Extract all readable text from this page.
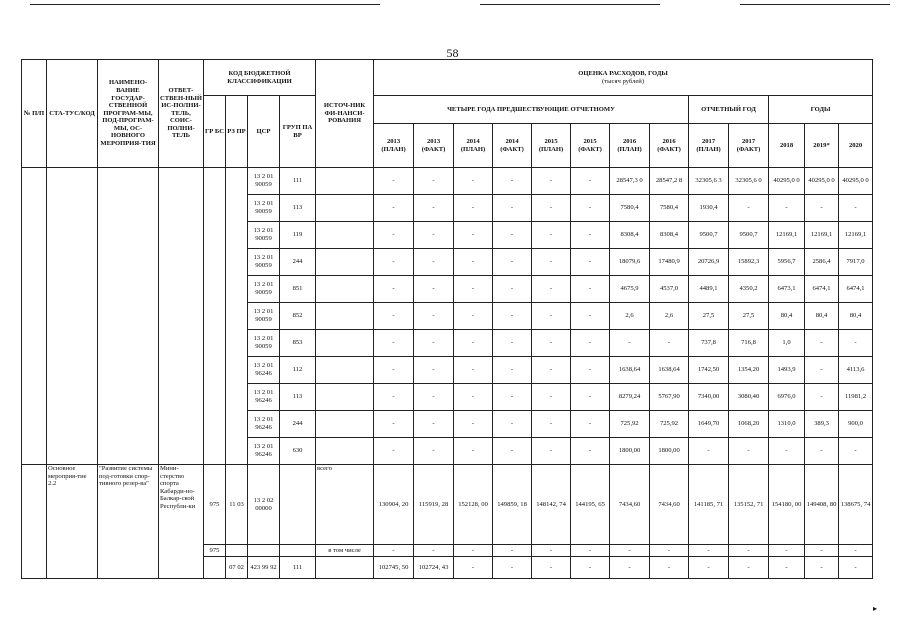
58
№ П/П	СТА-ТУС/КОД	НАИМЕНО-ВАНИЕ ГОСУДАР-СТВЕННОЙ ПРОГРАМ-МЫ, ПОД-ПРОГРАМ-МЫ, ОС-НОВНОГО МЕРОПРИЯ-ТИЯ	ОТВЕТ-СТВЕН-НЫЙ ИС-ПОЛНИ-ТЕЛЬ, СОИС-ПОЛНИ-ТЕЛЬ	КОД БЮДЖЕТНОЙ КЛАССИФИКАЦИИ				ИСТОЧ-НИК ФИ-НАНСИ-РОВАНИЯ	ОЦЕНКА РАСХОДОВ, ГОДЫ
(тысяч рублей)												
				ГР БС	РЗ ПР	ЦСР	ГРУП ПА ВР		ЧЕТЫРЕ ГОДА ПРЕДШЕСТВУЮЩИЕ ОТЧЕТНОМУ								ОТЧЕТНЫЙ ГОД		ГОДЫ		
									2013 (ПЛАН)	2013 (ФАКТ)	2014 (ПЛАН)	2014 (ФАКТ)	2015 (ПЛАН)	2015 (ФАКТ)	2016 (ПЛАН)	2016 (ФАКТ)	2017 (ПЛАН)	2017 (ФАКТ)	2018	2019*	2020
						13 2 01 90059	111		-	-	-	-	-	-	28547,3 0	28547,2 8	32305,6 3	32305,6 0	40295,0 0	40295,0 0	40295,0 0
						13 2 01 90059	113		-	-	-	-	-	-	7580,4	7580,4	1930,4	-	-	-	-
						13 2 01 90059	119		-	-	-	-	-	-	8308,4	8308,4	9500,7	9500,7	12169,1	12169,1	12169,1
						13 2 01 90059	244		-	-	-	-	-	-	18079,6	17480,9	20726,9	15892,3	5956,7	2586,4	7917,0
						13 2 01 90059	851		-	-	-	-	-	-	4675,9	4537,0	4489,1	4350,2	6473,1	6474,1	6474,1
						13 2 01 90059	852		-	-	-	-	-	-	2,6	2,6	27,5	27,5	80,4	80,4	80,4
						13 2 01 90059	853		-	-	-	-	-	-	-	-	737,8	716,8	1,0	-	-
						13 2 01 96246	112		-	-	-	-	-	-	1638,64	1638,64	1742,50	1354,20	1493,9	-	4113,6
						13 2 01 96246	113		-	-	-	-	-	-	8279,24	5767,90	7340,00	3080,40	6976,0	-	11981,2
						13 2 01 96246	244		-	-	-	-	-	-	725,92	725,92	1649,70	1068,20	1310,0	389,3	900,0
						13 2 01 96246	630		-	-	-	-	-	-	1800,00	1800,00	-	-	-	-	-
	Основное мероприя-тие 2.2	"Развитие системы под-готовки спор-тивного резер-ва"	Мини-стерство спорта Кабарди-но-Балкар-ской Республи-ки	975	11 03	13 2 02 00000		всего	130904, 20	115919, 28	152128, 00	149859, 18	148142, 74	144195, 65	7434,60	7434,60	141185, 71	135152, 71	154180, 00	149408, 80	138675, 74
				975				в том числе	-	-	-	-	-	-	-	-	-	-	-	-	-
					07 02	423 99 92	111		102745, 50	102724, 43	-	-	-	-	-	-	-	-	-	-	-
▸
